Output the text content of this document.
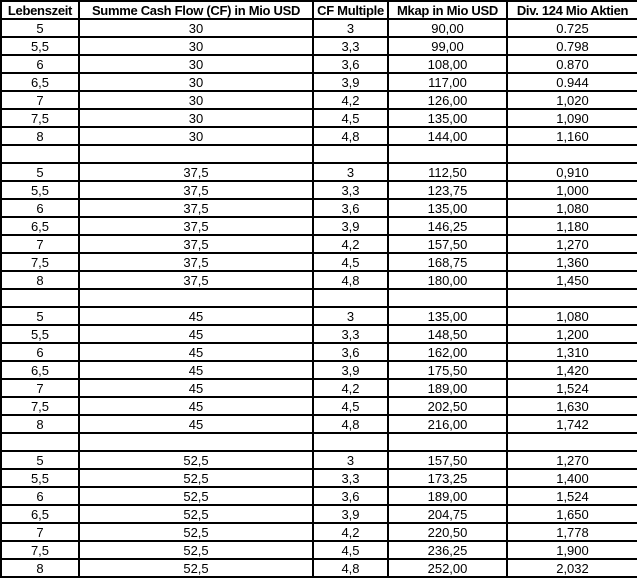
Lebenszeit	Summe Cash Flow (CF) in Mio USD	CF Multiple	Mkap in Mio USD	Div. 124 Mio Aktien
5	30	3	90,00	0.725
5,5	30	3,3	99,00	0.798
6	30	3,6	108,00	0.870
6,5	30	3,9	117,00	0.944
7	30	4,2	126,00	1,020
7,5	30	4,5	135,00	1,090
8	30	4,8	144,00	1,160

5	37,5	3	112,50	0,910
5,5	37,5	3,3	123,75	1,000
6	37,5	3,6	135,00	1,080
6,5	37,5	3,9	146,25	1,180
7	37,5	4,2	157,50	1,270
7,5	37,5	4,5	168,75	1,360
8	37,5	4,8	180,00	1,450

5	45	3	135,00	1,080
5,5	45	3,3	148,50	1,200
6	45	3,6	162,00	1,310
6,5	45	3,9	175,50	1,420
7	45	4,2	189,00	1,524
7,5	45	4,5	202,50	1,630
8	45	4,8	216,00	1,742

5	52,5	3	157,50	1,270
5,5	52,5	3,3	173,25	1,400
6	52,5	3,6	189,00	1,524
6,5	52,5	3,9	204,75	1,650
7	52,5	4,2	220,50	1,778
7,5	52,5	4,5	236,25	1,900
8	52,5	4,8	252,00	2,032
